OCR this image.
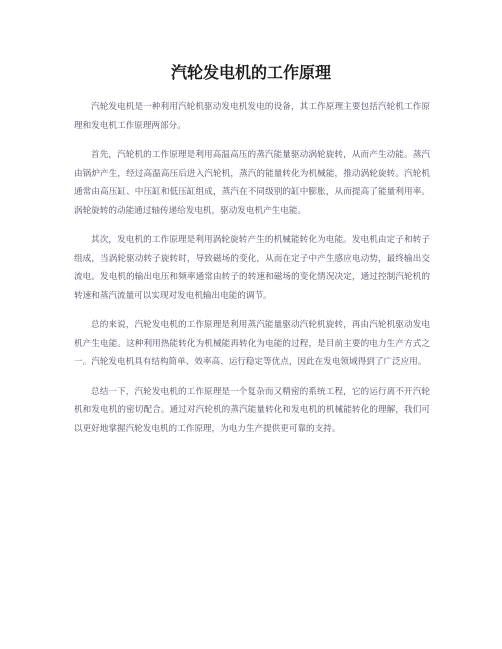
汽轮发电机的工作原理

汽轮发电机是一种利用汽轮机驱动发电机发电的设备，其工作原理主要包括汽轮机工作原理和发电机工作原理两部分。

首先，汽轮机的工作原理是利用高温高压的蒸汽能量驱动涡轮旋转，从而产生动能。蒸汽由锅炉产生，经过高温高压后进入汽轮机，蒸汽的能量转化为机械能，推动涡轮旋转。汽轮机通常由高压缸、中压缸和低压缸组成，蒸汽在不同级别的缸中膨胀，从而提高了能量利用率。涡轮旋转的动能通过轴传递给发电机，驱动发电机产生电能。

其次，发电机的工作原理是利用涡轮旋转产生的机械能转化为电能。发电机由定子和转子组成，当涡轮驱动转子旋转时，导致磁场的变化，从而在定子中产生感应电动势，最终输出交流电。发电机的输出电压和频率通常由转子的转速和磁场的变化情况决定，通过控制汽轮机的转速和蒸汽流量可以实现对发电机输出电能的调节。

总的来说，汽轮发电机的工作原理是利用蒸汽能量驱动汽轮机旋转，再由汽轮机驱动发电机产生电能。这种利用热能转化为机械能再转化为电能的过程，是目前主要的电力生产方式之一。汽轮发电机具有结构简单、效率高、运行稳定等优点，因此在发电领域得到了广泛应用。

总结一下，汽轮发电机的工作原理是一个复杂而又精密的系统工程，它的运行离不开汽轮机和发电机的密切配合。通过对汽轮机的蒸汽能量转化和发电机的机械能转化的理解，我们可以更好地掌握汽轮发电机的工作原理，为电力生产提供更可靠的支持。
